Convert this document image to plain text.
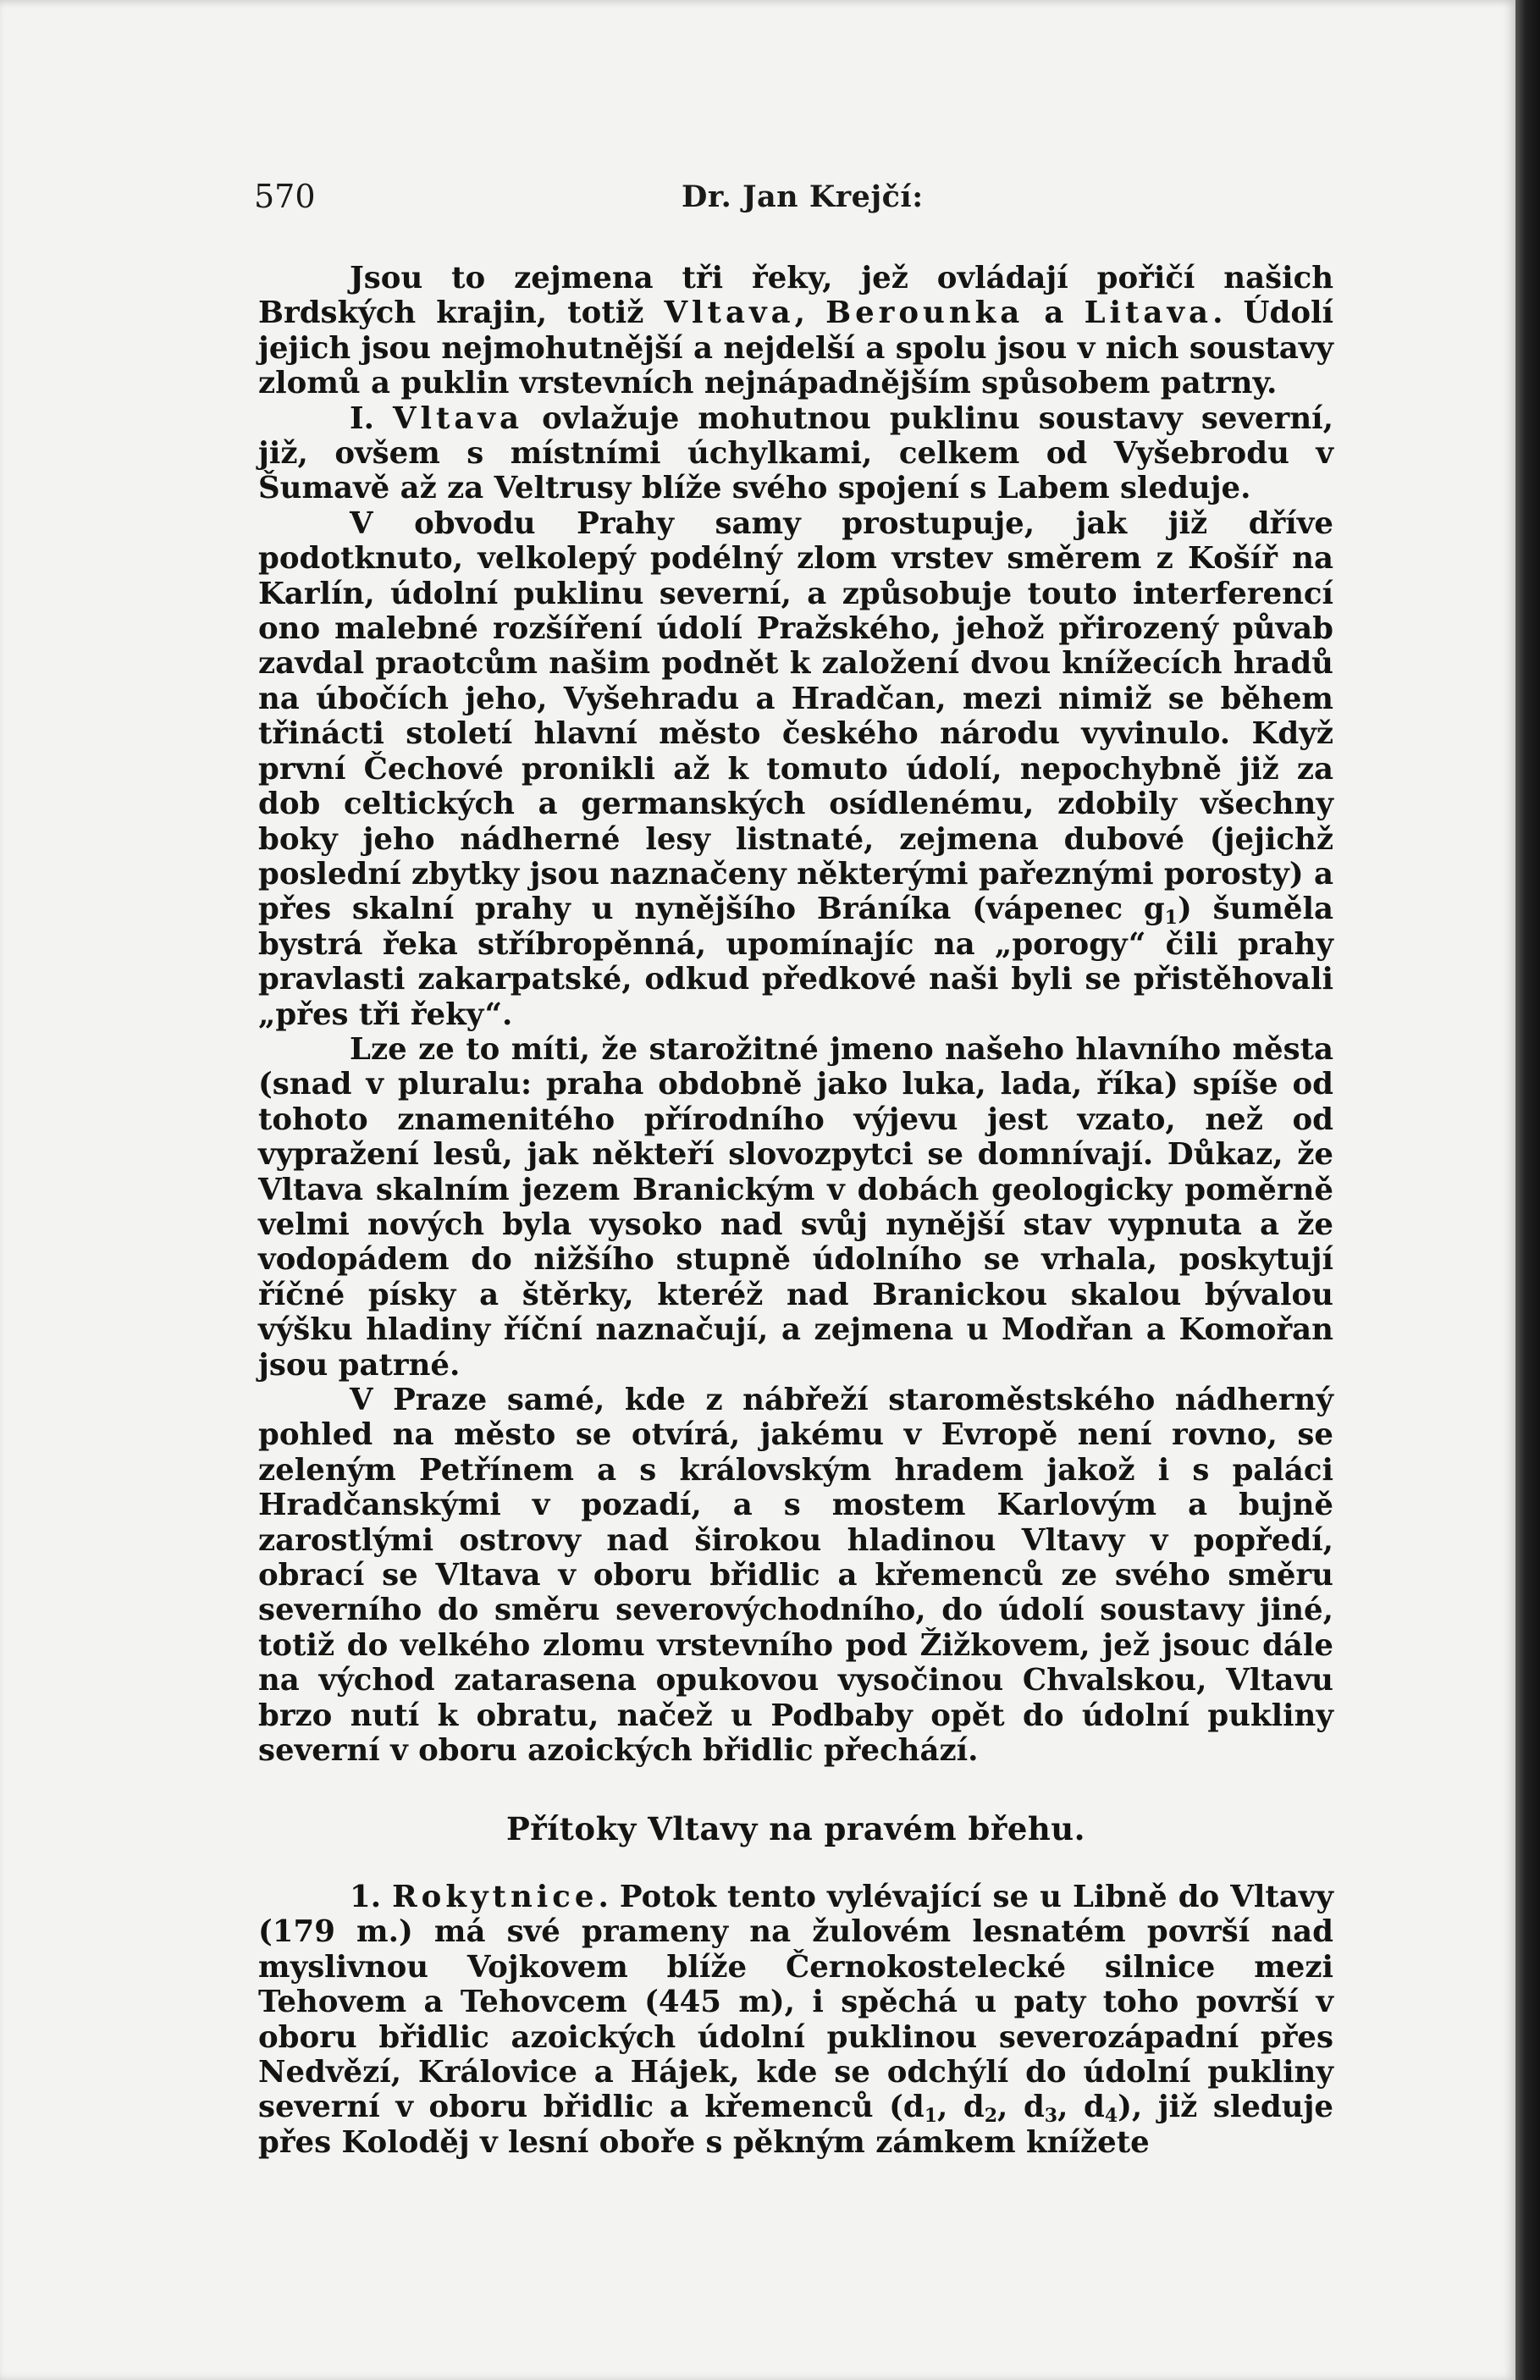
570	Dr. Jan Krejčí:

Jsou to zejmena tři řeky, jež ovládají pořičí našich Brdských krajin, totiž Vltava, Berounka a Litava. Údolí jejich jsou nejmohutnější a nejdelší a spolu jsou v nich soustavy zlomů a puklin vrstevních nejnápadnějším spůsobem patrny.

I. Vltava ovlažuje mohutnou puklinu soustavy severní, již, ovšem s místními úchylkami, celkem od Vyšebrodu v Šumavě až za Veltrusy blíže svého spojení s Labem sleduje.

V obvodu Prahy samy prostupuje, jak již dříve podotknuto, velkolepý podélný zlom vrstev směrem z Košíř na Karlín, údolní puklinu severní, a způsobuje touto interferencí ono malebné rozšíření údolí Pražského, jehož přirozený půvab zavdal praotcům našim podnět k založení dvou knížecích hradů na úbočích jeho, Vyšehradu a Hradčan, mezi nimiž se během třinácti století hlavní město českého národu vyvinulo. Když první Čechové pronikli až k tomuto údolí, nepochybně již za dob celtických a germanských osídlenému, zdobily všechny boky jeho nádherné lesy listnaté, zejmena dubové (jejichž poslední zbytky jsou naznačeny některými pařeznými porosty) a přes skalní prahy u nynějšího Bráníka (vápenec $g_1$) šuměla bystrá řeka stříbropěnná, upomínajíc na „porogy“ čili prahy pravlasti zakarpatské, odkud předkové naši byli se přistěhovali „přes tři řeky“.

Lze ze to míti, že starožitné jmeno našeho hlavního města (snad v pluralu: praha obdobně jako luka, lada, říka) spíše od tohoto znamenitého přírodního výjevu jest vzato, než od vypražení lesů, jak někteří slovozpytci se domnívají. Důkaz, že Vltava skalním jezem Branickým v dobách geologicky poměrně velmi nových byla vysoko nad svůj nynější stav vypnuta a že vodopádem do nižšího stupně údolního se vrhala, poskytují říčné písky a štěrky, kteréž nad Branickou skalou bývalou výšku hladiny říční naznačují, a zejmena u Modřan a Komořan jsou patrné.

V Praze samé, kde z nábřeží staroměstského nádherný pohled na město se otvírá, jakému v Evropě není rovno, se zeleným Petřínem a s královským hradem jakož i s paláci Hradčanskými v pozadí, a s mostem Karlovým a bujně zarostlými ostrovy nad širokou hladinou Vltavy v popředí, obrací se Vltava v oboru břidlic a křemenců ze svého směru severního do směru severovýchodního, do údolí soustavy jiné, totiž do velkého zlomu vrstevního pod Žižkovem, jež jsouc dále na východ zatarasena opukovou vysočinou Chvalskou, Vltavu brzo nutí k obratu, načež u Podbaby opět do údolní pukliny severní v oboru azoických břidlic přechází.

Přítoky Vltavy na pravém břehu.

1. Rokytnice. Potok tento vylévající se u Libně do Vltavy (179 m.) má své prameny na žulovém lesnatém površí nad myslivnou Vojkovem blíže Černokostelecké silnice mezi Tehovem a Tehovcem (445 m), i spěchá u paty toho površí v oboru břidlic azoických údolní puklinou severozápadní přes Nedvězí, Královice a Hájek, kde se odchýlí do údolní pukliny severní v oboru břidlic a křemenců ($d_1$, $d_2$, $d_3$, $d_4$), již sleduje přes Koloděj v lesní oboře s pěkným zámkem knížete
